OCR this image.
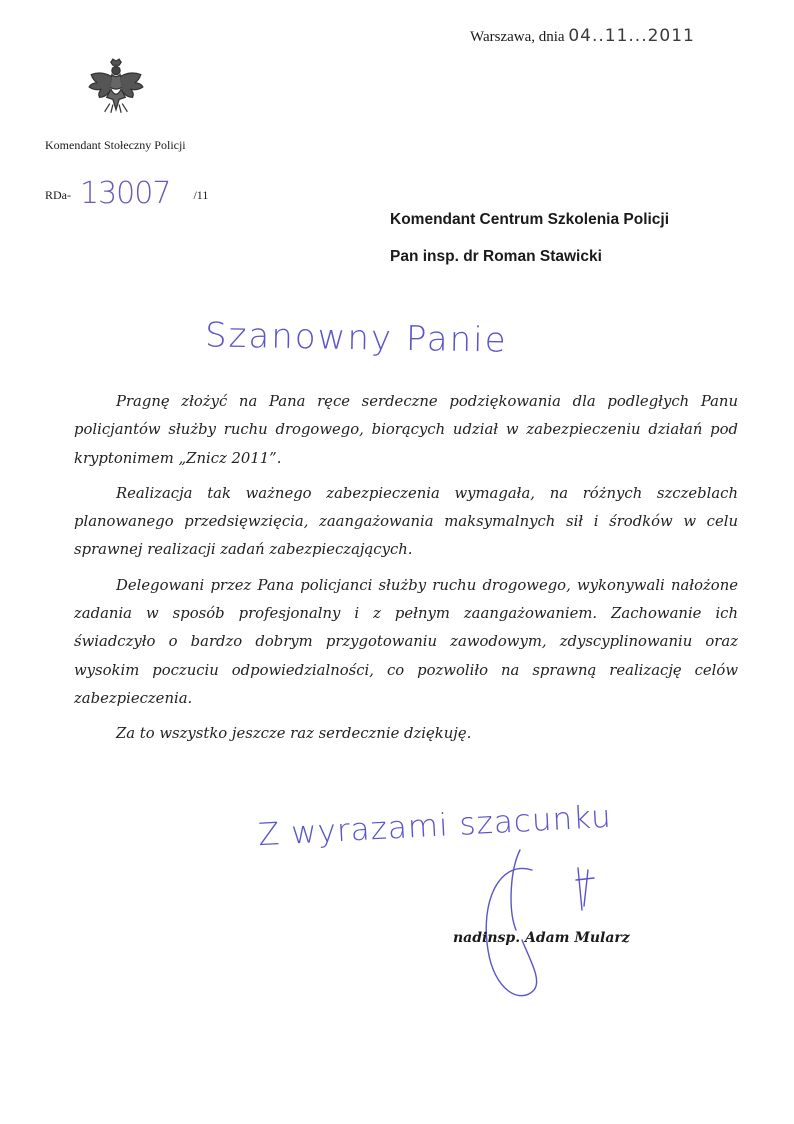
Warszawa, dnia 04..11...2011
Komendant Stołeczny Policji
RDa- 13007 /11
Komendant Centrum Szkolenia Policji
Pan insp. dr Roman Stawicki
Szanowny Panie

Pragnę złożyć na Pana ręce serdeczne podziękowania dla podległych Panu policjantów służby ruchu drogowego, biorących udział w zabezpieczeniu działań pod kryptonimem „Znicz 2011”.

Realizacja tak ważnego zabezpieczenia wymagała, na różnych szczeblach planowanego przedsięwzięcia, zaangażowania maksymalnych sił i środków w celu sprawnej realizacji zadań zabezpieczających.

Delegowani przez Pana policjanci służby ruchu drogowego, wykonywali nałożone zadania w sposób profesjonalny i z pełnym zaangażowaniem. Zachowanie ich świadczyło o bardzo dobrym przygotowaniu zawodowym, zdyscyplinowaniu oraz wysokim poczuciu odpowiedzialności, co pozwoliło na sprawną realizację celów zabezpieczenia.

Za to wszystko jeszcze raz serdecznie dziękuję.

Z wyrazami szacunku
nadinsp. Adam Mularz
